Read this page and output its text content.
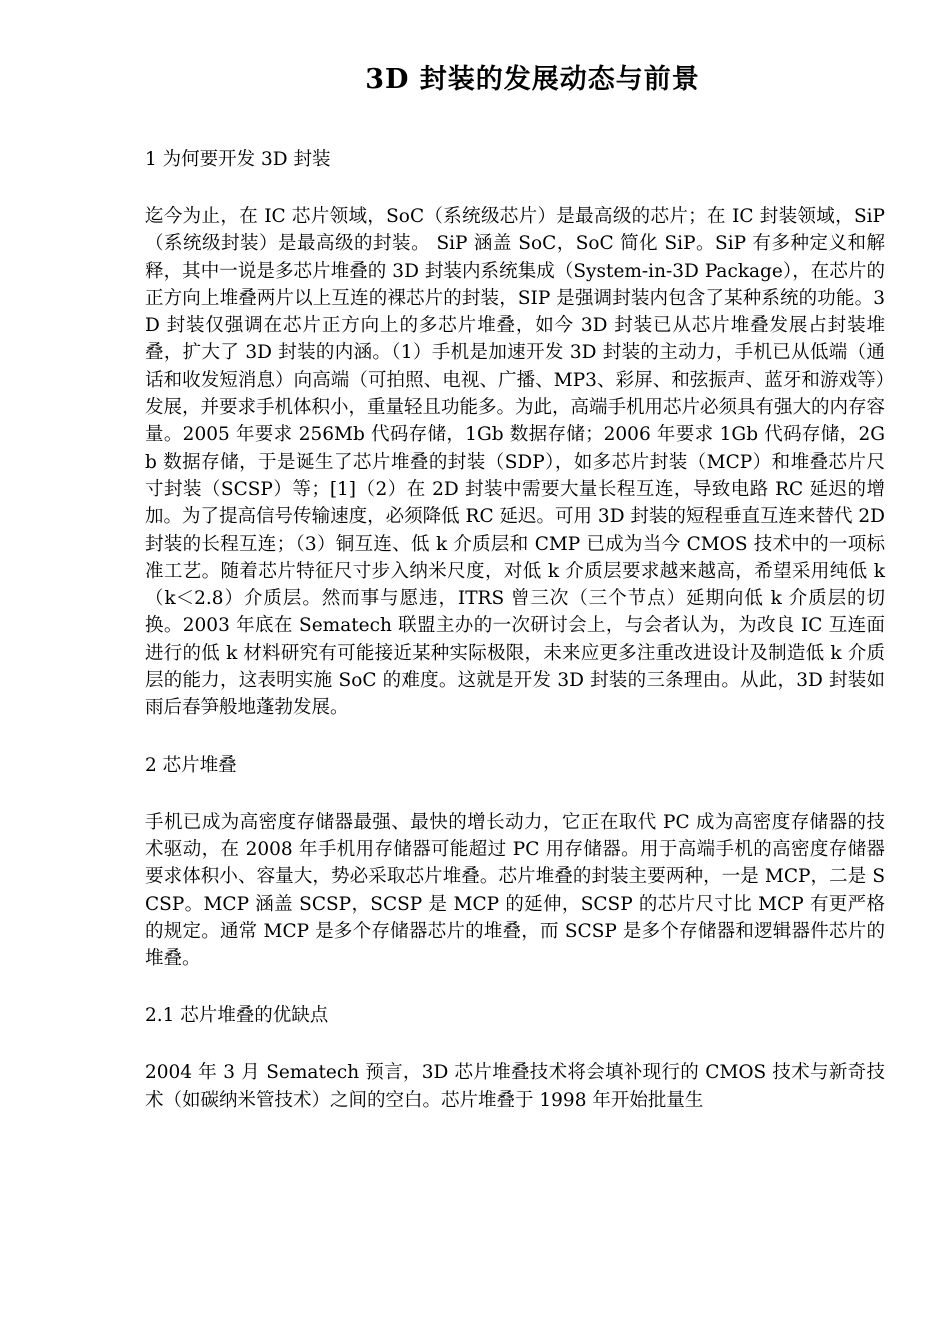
3D 封装的发展动态与前景
1 为何要开发 3D 封装

迄今为止，在 IC 芯片领域，SoC（系统级芯片）是最高级的芯片；在 IC 封装领域，SiP（系统级封装）是最高级的封装。 SiP 涵盖 SoC，SoC 简化 SiP。SiP 有多种定义和解释，其中一说是多芯片堆叠的 3D 封装内系统集成（System-in-3D Package），在芯片的正方向上堆叠两片以上互连的裸芯片的封装，SIP 是强调封装内包含了某种系统的功能。3D 封装仅强调在芯片正方向上的多芯片堆叠，如今 3D 封装已从芯片堆叠发展占封装堆叠，扩大了 3D 封装的内涵。（1）手机是加速开发 3D 封装的主动力，手机已从低端（通话和收发短消息）向高端（可拍照、电视、广播、MP3、彩屏、和弦振声、蓝牙和游戏等）发展，并要求手机体积小，重量轻且功能多。为此，高端手机用芯片必须具有强大的内存容量。2005 年要求 256Mb 代码存储，1Gb 数据存储；2006 年要求 1Gb 代码存储，2Gb 数据存储，于是诞生了芯片堆叠的封装（SDP），如多芯片封装（MCP）和堆叠芯片尺寸封装（SCSP）等；[1]（2）在 2D 封装中需要大量长程互连，导致电路 RC 延迟的增加。为了提高信号传输速度，必须降低 RC 延迟。可用 3D 封装的短程垂直互连来替代 2D 封装的长程互连；（3）铜互连、低 k 介质层和 CMP 已成为当今 CMOS 技术中的一项标准工艺。随着芯片特征尺寸步入纳米尺度，对低 k 介质层要求越来越高，希望采用纯低 k（k＜2.8）介质层。然而事与愿违，ITRS 曾三次（三个节点）延期向低 k 介质层的切换。2003 年底在 Sematech 联盟主办的一次研讨会上，与会者认为，为改良 IC 互连面进行的低 k 材料研究有可能接近某种实际极限，未来应更多注重改进设计及制造低 k 介质层的能力，这表明实施 SoC 的难度。这就是开发 3D 封装的三条理由。从此，3D 封装如雨后春笋般地蓬勃发展。

2 芯片堆叠

手机已成为高密度存储器最强、最快的增长动力，它正在取代 PC 成为高密度存储器的技术驱动，在 2008 年手机用存储器可能超过 PC 用存储器。用于高端手机的高密度存储器要求体积小、容量大，势必采取芯片堆叠。芯片堆叠的封装主要两种，一是 MCP，二是 SCSP。MCP 涵盖 SCSP，SCSP 是 MCP 的延伸，SCSP 的芯片尺寸比 MCP 有更严格的规定。通常 MCP 是多个存储器芯片的堆叠，而 SCSP 是多个存储器和逻辑器件芯片的堆叠。

2.1 芯片堆叠的优缺点

2004 年 3 月 Sematech 预言，3D 芯片堆叠技术将会填补现行的 CMOS 技术与新奇技术（如碳纳米管技术）之间的空白。芯片堆叠于 1998 年开始批量生
